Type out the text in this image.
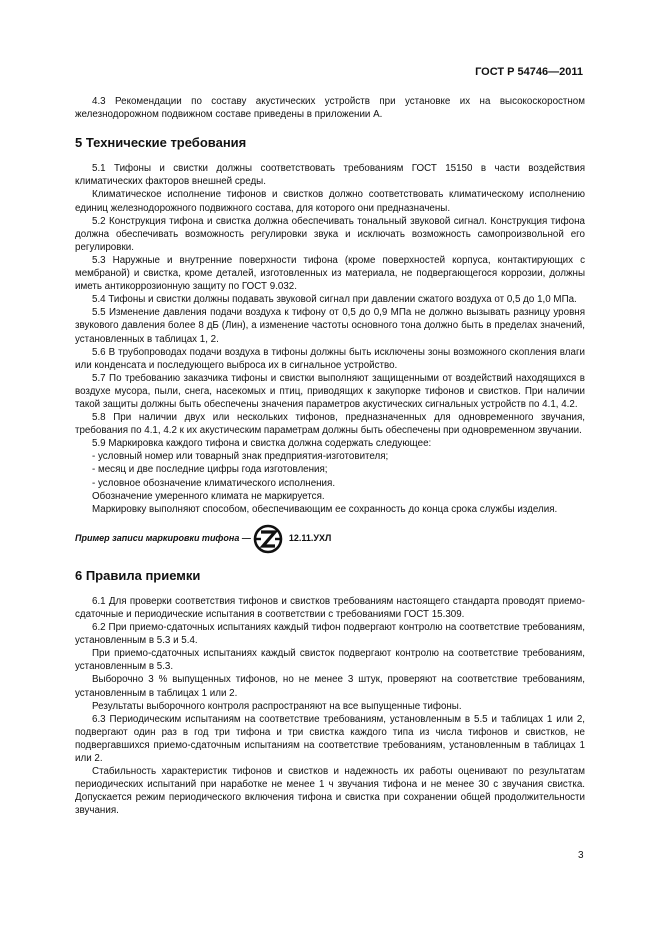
ГОСТ Р 54746—2011

4.3 Рекомендации по составу акустических устройств при установке их на высокоскоростном железнодорожном подвижном составе приведены в приложении А.

5 Технические требования

5.1 Тифоны и свистки должны соответствовать требованиям ГОСТ 15150 в части воздействия климатических факторов внешней среды.

Климатическое исполнение тифонов и свистков должно соответствовать климатическому исполнению единиц железнодорожного подвижного состава, для которого они предназначены.

5.2 Конструкция тифона и свистка должна обеспечивать тональный звуковой сигнал. Конструкция тифона должна обеспечивать возможность регулировки звука и исключать возможность самопроизвольной его регулировки.

5.3 Наружные и внутренние поверхности тифона (кроме поверхностей корпуса, контактирующих с мембраной) и свистка, кроме деталей, изготовленных из материала, не подвергающегося коррозии, должны иметь антикоррозионную защиту по ГОСТ 9.032.

5.4 Тифоны и свистки должны подавать звуковой сигнал при давлении сжатого воздуха от 0,5 до 1,0 МПа.

5.5 Изменение давления подачи воздуха к тифону от 0,5 до 0,9 МПа не должно вызывать разницу уровня звукового давления более 8 дБ (Лин), а изменение частоты основного тона должно быть в пределах значений, установленных в таблицах 1, 2.

5.6 В трубопроводах подачи воздуха в тифоны должны быть исключены зоны возможного скопления влаги или конденсата и последующего выброса их в сигнальное устройство.

5.7 По требованию заказчика тифоны и свистки выполняют защищенными от воздействий находящихся в воздухе мусора, пыли, снега, насекомых и птиц, приводящих к закупорке тифонов и свистков. При наличии такой защиты должны быть обеспечены значения параметров акустических сигнальных устройств по 4.1, 4.2.

5.8 При наличии двух или нескольких тифонов, предназначенных для одновременного звучания, требования по 4.1, 4.2 к их акустическим параметрам должны быть обеспечены при одновременном звучании.

5.9 Маркировка каждого тифона и свистка должна содержать следующее:

- условный номер или товарный знак предприятия-изготовителя;

- месяц и две последние цифры года изготовления;

- условное обозначение климатического исполнения.

Обозначение умеренного климата не маркируется.

Маркировку выполняют способом, обеспечивающим ее сохранность до конца срока службы изделия.

Пример записи маркировки тифона —	12.11.УХЛ
6 Правила приемки

6.1 Для проверки соответствия тифонов и свистков требованиям настоящего стандарта проводят приемо-сдаточные и периодические испытания в соответствии с требованиями ГОСТ 15.309.

6.2 При приемо-сдаточных испытаниях каждый тифон подвергают контролю на соответствие требованиям, установленным в 5.3 и 5.4.

При приемо-сдаточных испытаниях каждый свисток подвергают контролю на соответствие требованиям, установленным в 5.3.

Выборочно 3 % выпущенных тифонов, но не менее 3 штук, проверяют на соответствие требованиям, установленным в таблицах 1 или 2.

Результаты выборочного контроля распространяют на все выпущенные тифоны.

6.3 Периодическим испытаниям на соответствие требованиям, установленным в 5.5 и таблицах 1 или 2, подвергают один раз в год три тифона и три свистка каждого типа из числа тифонов и свистков, не подвергавшихся приемо-сдаточным испытаниям на соответствие требованиям, установленным в таблицах 1 или 2.

Стабильность характеристик тифонов и свистков и надежность их работы оценивают по результатам периодических испытаний при наработке не менее 1 ч звучания тифона и не менее 30 с звучания свистка. Допускается режим периодического включения тифона и свистка при сохранении общей продолжительности звучания.

3
